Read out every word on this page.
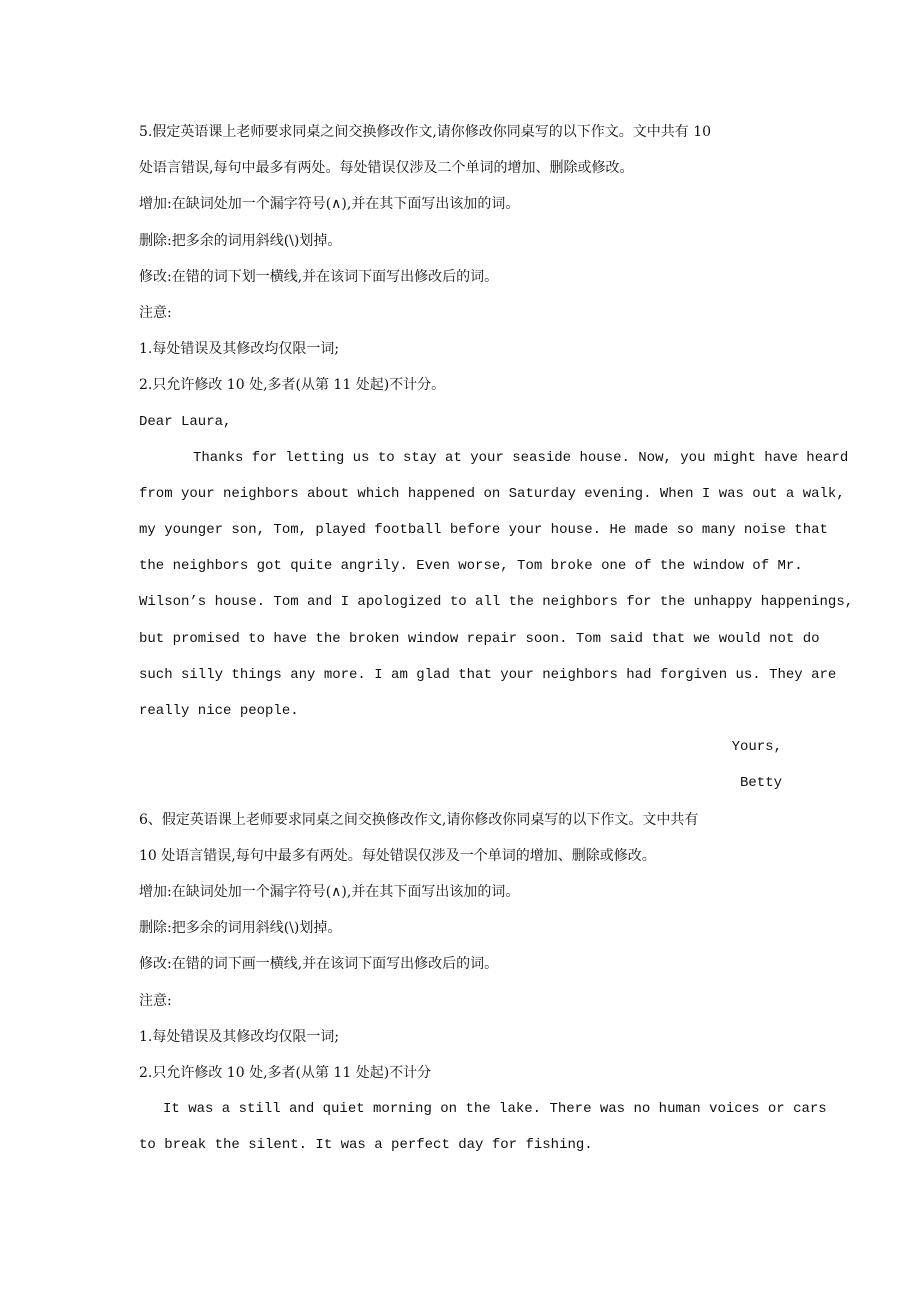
5.假定英语课上老师要求同桌之间交换修改作文,请你修改你同桌写的以下作文。文中共有 10
处语言错误,每句中最多有两处。每处错误仅涉及二个单词的增加、删除或修改。
增加:在缺词处加一个漏字符号(∧),并在其下面写出该加的词。
删除:把多余的词用斜线(\)划掉。
修改:在错的词下划一横线,并在该词下面写出修改后的词。
注意:
1.每处错误及其修改均仅限一词;
2.只允许修改 10 处,多者(从第 11 处起)不计分。
Dear Laura,
Thanks for letting us to stay at your seaside house. Now, you might have heard
from your neighbors about which happened on Saturday evening. When I was out a walk,
my younger son, Tom, played football before your house. He made so many noise that
the neighbors got quite angrily. Even worse, Tom broke one of the window of Mr.
Wilson’s house. Tom and I apologized to all the neighbors for the unhappy happenings,
but promised to have the broken window repair soon. Tom said that we would not do
such silly things any more. I am glad that your neighbors had forgiven us. They are
really nice people.
Yours,
Betty
6、假定英语课上老师要求同桌之间交换修改作文,请你修改你同桌写的以下作文。文中共有
10 处语言错误,每句中最多有两处。每处错误仅涉及一个单词的增加、删除或修改。
增加:在缺词处加一个漏字符号(∧),并在其下面写出该加的词。
删除:把多余的词用斜线(\)划掉。
修改:在错的词下画一横线,并在该词下面写出修改后的词。
注意:
1.每处错误及其修改均仅限一词;
2.只允许修改 10 处,多者(从第 11 处起)不计分
It was a still and quiet morning on the lake. There was no human voices or cars
to break the silent. It was a perfect day for fishing.
